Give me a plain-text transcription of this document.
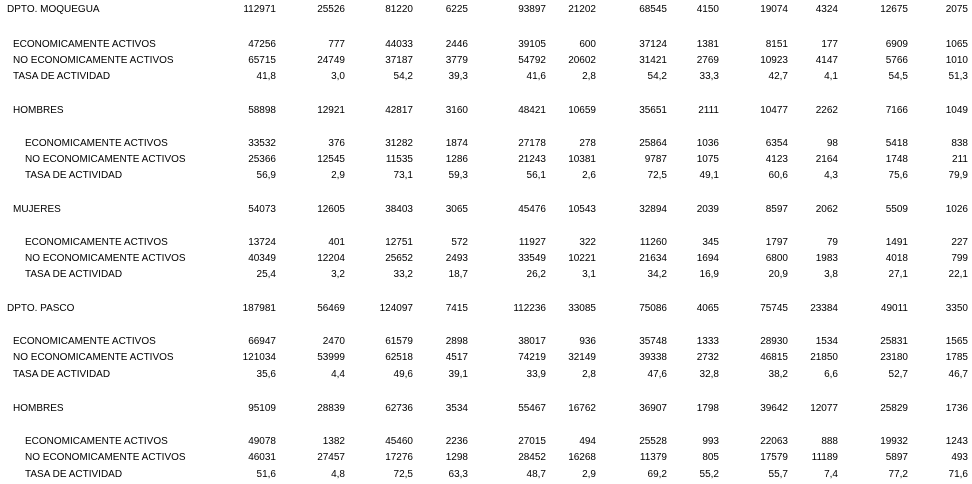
DPTO. MOQUEGUA	112971	25526	81220	6225	93897	21202	68545	4150	19074	4324	12675	2075
ECONOMICAMENTE ACTIVOS	47256	777	44033	2446	39105	600	37124	1381	8151	177	6909	1065
NO ECONOMICAMENTE ACTIVOS	65715	24749	37187	3779	54792	20602	31421	2769	10923	4147	5766	1010
TASA DE ACTIVIDAD	41,8	3,0	54,2	39,3	41,6	2,8	54,2	33,3	42,7	4,1	54,5	51,3
HOMBRES	58898	12921	42817	3160	48421	10659	35651	2111	10477	2262	7166	1049
ECONOMICAMENTE ACTIVOS	33532	376	31282	1874	27178	278	25864	1036	6354	98	5418	838
NO ECONOMICAMENTE ACTIVOS	25366	12545	11535	1286	21243	10381	9787	1075	4123	2164	1748	211
TASA DE ACTIVIDAD	56,9	2,9	73,1	59,3	56,1	2,6	72,5	49,1	60,6	4,3	75,6	79,9
MUJERES	54073	12605	38403	3065	45476	10543	32894	2039	8597	2062	5509	1026
ECONOMICAMENTE ACTIVOS	13724	401	12751	572	11927	322	11260	345	1797	79	1491	227
NO ECONOMICAMENTE ACTIVOS	40349	12204	25652	2493	33549	10221	21634	1694	6800	1983	4018	799
TASA DE ACTIVIDAD	25,4	3,2	33,2	18,7	26,2	3,1	34,2	16,9	20,9	3,8	27,1	22,1
DPTO. PASCO	187981	56469	124097	7415	112236	33085	75086	4065	75745	23384	49011	3350
ECONOMICAMENTE ACTIVOS	66947	2470	61579	2898	38017	936	35748	1333	28930	1534	25831	1565
NO ECONOMICAMENTE ACTIVOS	121034	53999	62518	4517	74219	32149	39338	2732	46815	21850	23180	1785
TASA DE ACTIVIDAD	35,6	4,4	49,6	39,1	33,9	2,8	47,6	32,8	38,2	6,6	52,7	46,7
HOMBRES	95109	28839	62736	3534	55467	16762	36907	1798	39642	12077	25829	1736
ECONOMICAMENTE ACTIVOS	49078	1382	45460	2236	27015	494	25528	993	22063	888	19932	1243
NO ECONOMICAMENTE ACTIVOS	46031	27457	17276	1298	28452	16268	11379	805	17579	11189	5897	493
TASA DE ACTIVIDAD	51,6	4,8	72,5	63,3	48,7	2,9	69,2	55,2	55,7	7,4	77,2	71,6
